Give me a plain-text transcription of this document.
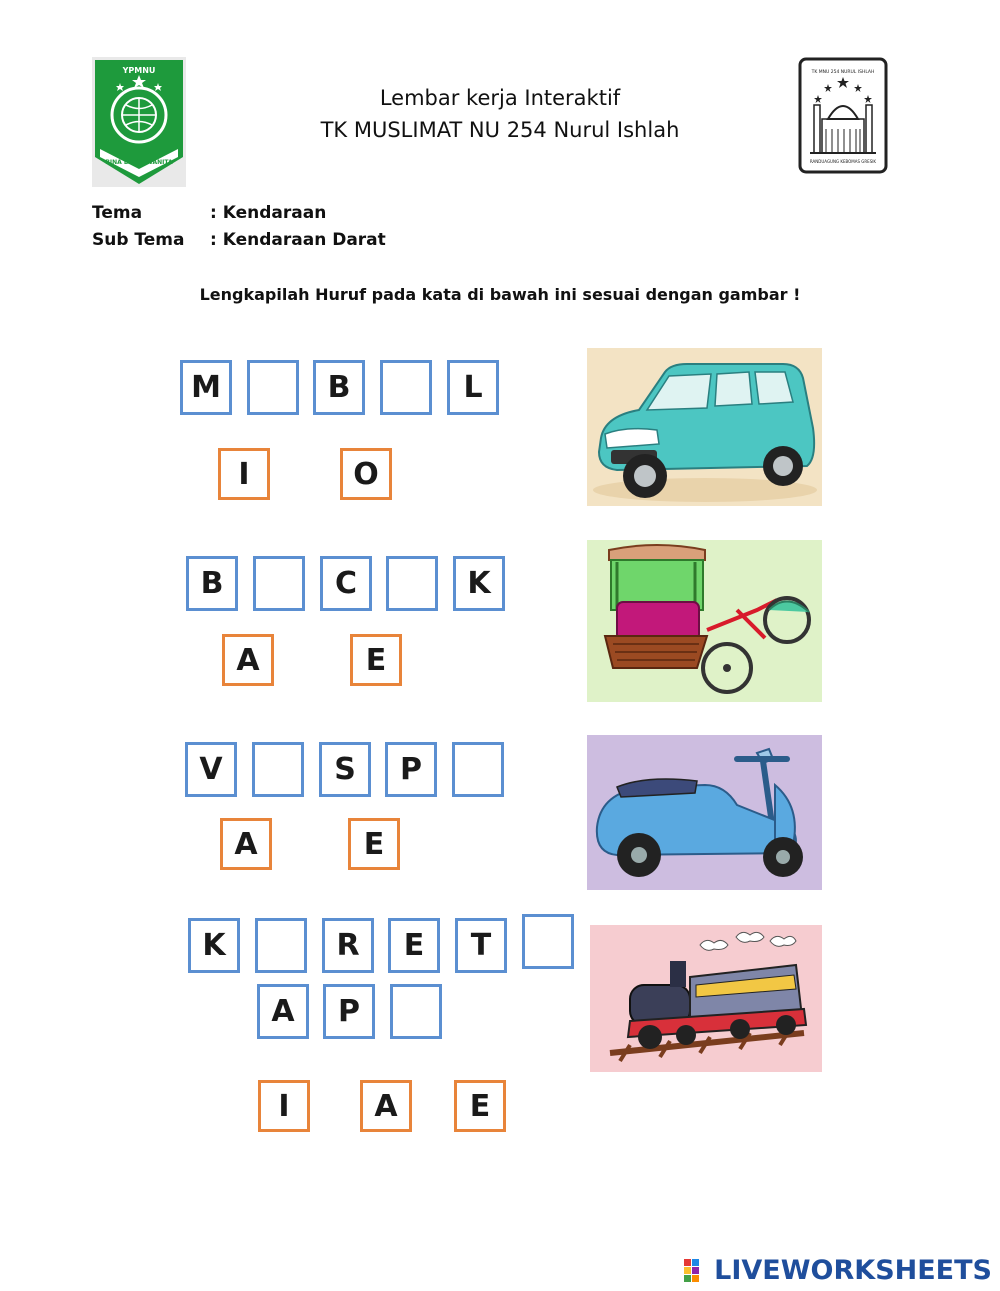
YPMNU
BINA BAKTI WANITA
Lembar kerja Interaktif
TK MUSLIMAT NU 254 Nurul Ishlah
TK MNU 254 NURUL ISHLAH
RANDUAGUNG KEBOMAS GRESIK
Tema	: Kendaraan
Sub Tema : Kendaraan Darat
Lengkapilah Huruf pada kata di bawah ini sesuai dengan gambar !
M	B	L
I	O
B	C	K
A	E
V	S	P
A	E
K	R	E	T
A	P
I	A	E
LIVEWORKSHEETS
